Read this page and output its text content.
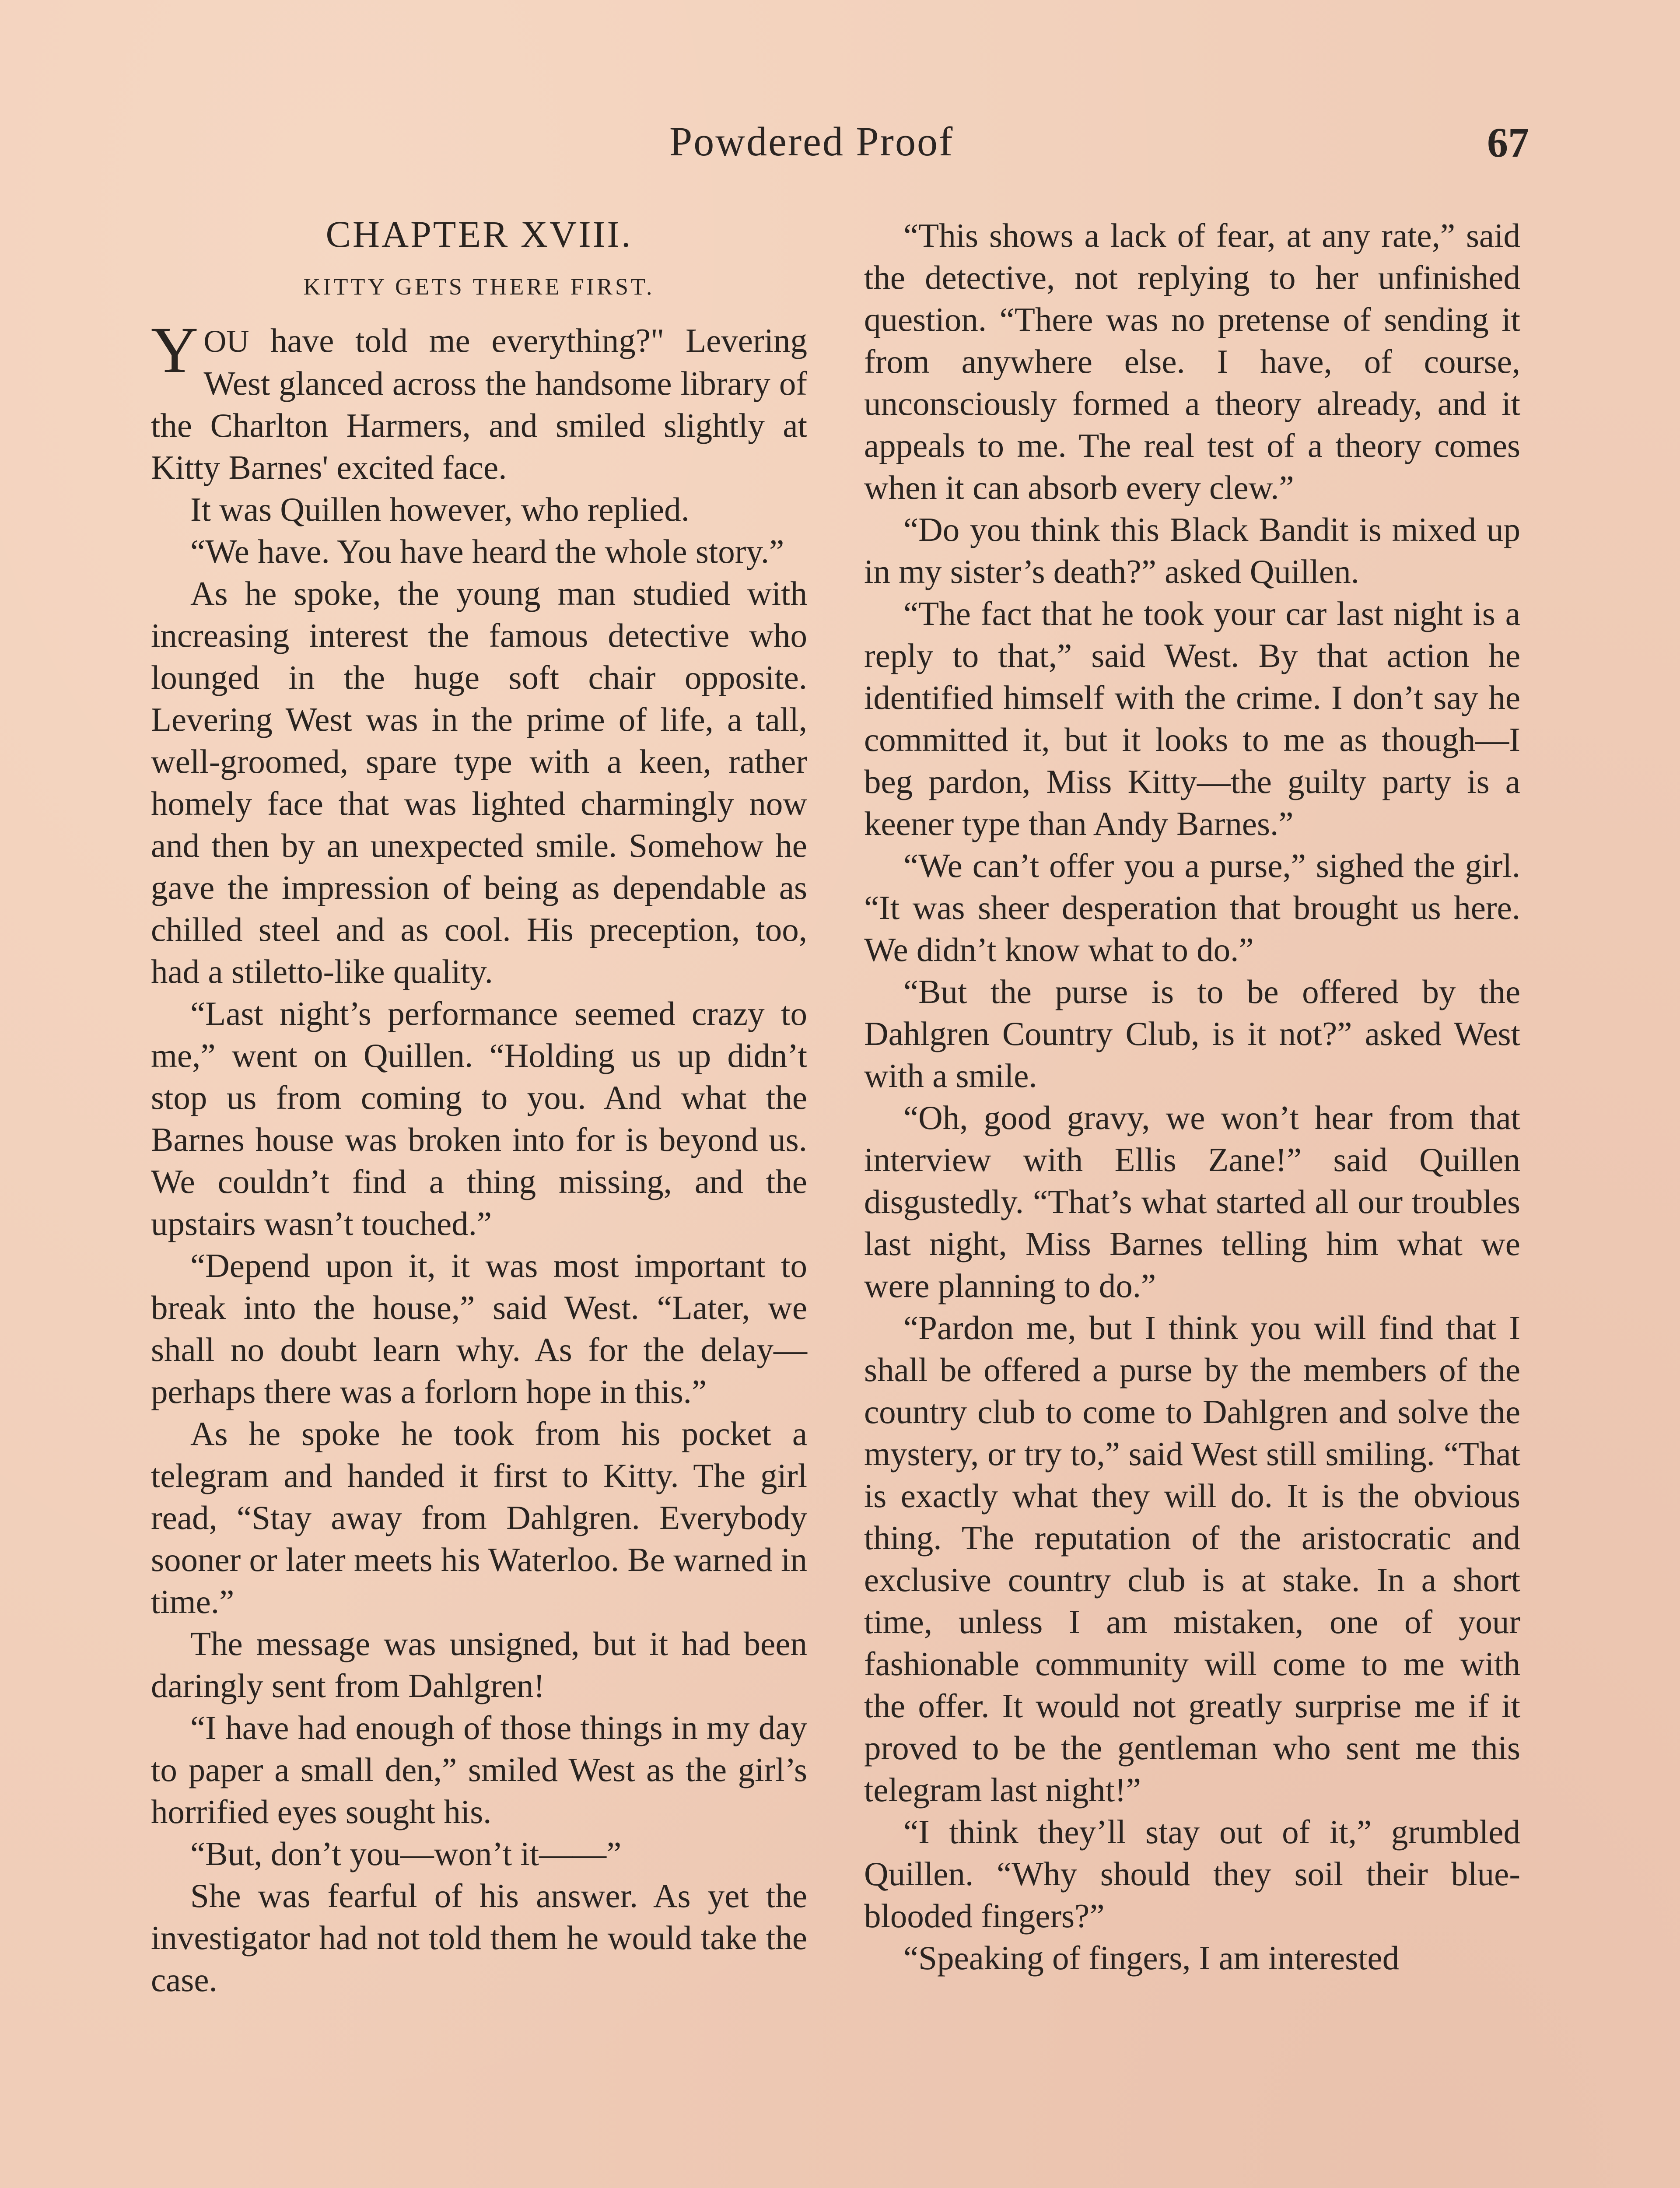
Powdered Proof	67
CHAPTER XVIII.
KITTY GETS THERE FIRST.

YOU have told me everything?" Levering West glanced across the handsome library of the Charlton Harmers, and smiled slightly at Kitty Barnes' excited face.

It was Quillen however, who replied.

“We have. You have heard the whole story.”

As he spoke, the young man studied with increasing interest the famous detective who lounged in the huge soft chair opposite. Levering West was in the prime of life, a tall, well-groomed, spare type with a keen, rather homely face that was lighted charmingly now and then by an unexpected smile. Somehow he gave the impression of being as dependable as chilled steel and as cool. His preception, too, had a stiletto-like quality.

“Last night’s performance seemed crazy to me,” went on Quillen. “Holding us up didn’t stop us from coming to you. And what the Barnes house was broken into for is beyond us. We couldn’t find a thing missing, and the upstairs wasn’t touched.”

“Depend upon it, it was most important to break into the house,” said West. “Later, we shall no doubt learn why. As for the delay—perhaps there was a forlorn hope in this.”

As he spoke he took from his pocket a telegram and handed it first to Kitty. The girl read, “Stay away from Dahlgren. Everybody sooner or later meets his Waterloo. Be warned in time.”

The message was unsigned, but it had been daringly sent from Dahlgren!

“I have had enough of those things in my day to paper a small den,” smiled West as the girl’s horrified eyes sought his.

“But, don’t you—won’t it——”

She was fearful of his answer. As yet the investigator had not told them he would take the case.

“This shows a lack of fear, at any rate,” said the detective, not replying to her unfinished question. “There was no pretense of sending it from anywhere else. I have, of course, unconsciously formed a theory already, and it appeals to me. The real test of a theory comes when it can absorb every clew.”

“Do you think this Black Bandit is mixed up in my sister’s death?” asked Quillen.

“The fact that he took your car last night is a reply to that,” said West. By that action he identified himself with the crime. I don’t say he committed it, but it looks to me as though—I beg pardon, Miss Kitty—the guilty party is a keener type than Andy Barnes.”

“We can’t offer you a purse,” sighed the girl. “It was sheer desperation that brought us here. We didn’t know what to do.”

“But the purse is to be offered by the Dahlgren Country Club, is it not?” asked West with a smile.

“Oh, good gravy, we won’t hear from that interview with Ellis Zane!” said Quillen disgustedly. “That’s what started all our troubles last night, Miss Barnes telling him what we were planning to do.”

“Pardon me, but I think you will find that I shall be offered a purse by the members of the country club to come to Dahlgren and solve the mystery, or try to,” said West still smiling. “That is exactly what they will do. It is the obvious thing. The reputation of the aristocratic and exclusive country club is at stake. In a short time, unless I am mistaken, one of your fashionable community will come to me with the offer. It would not greatly surprise me if it proved to be the gentleman who sent me this telegram last night!”

“I think they’ll stay out of it,” grumbled Quillen. “Why should they soil their blue-blooded fingers?”

“Speaking of fingers, I am interested
